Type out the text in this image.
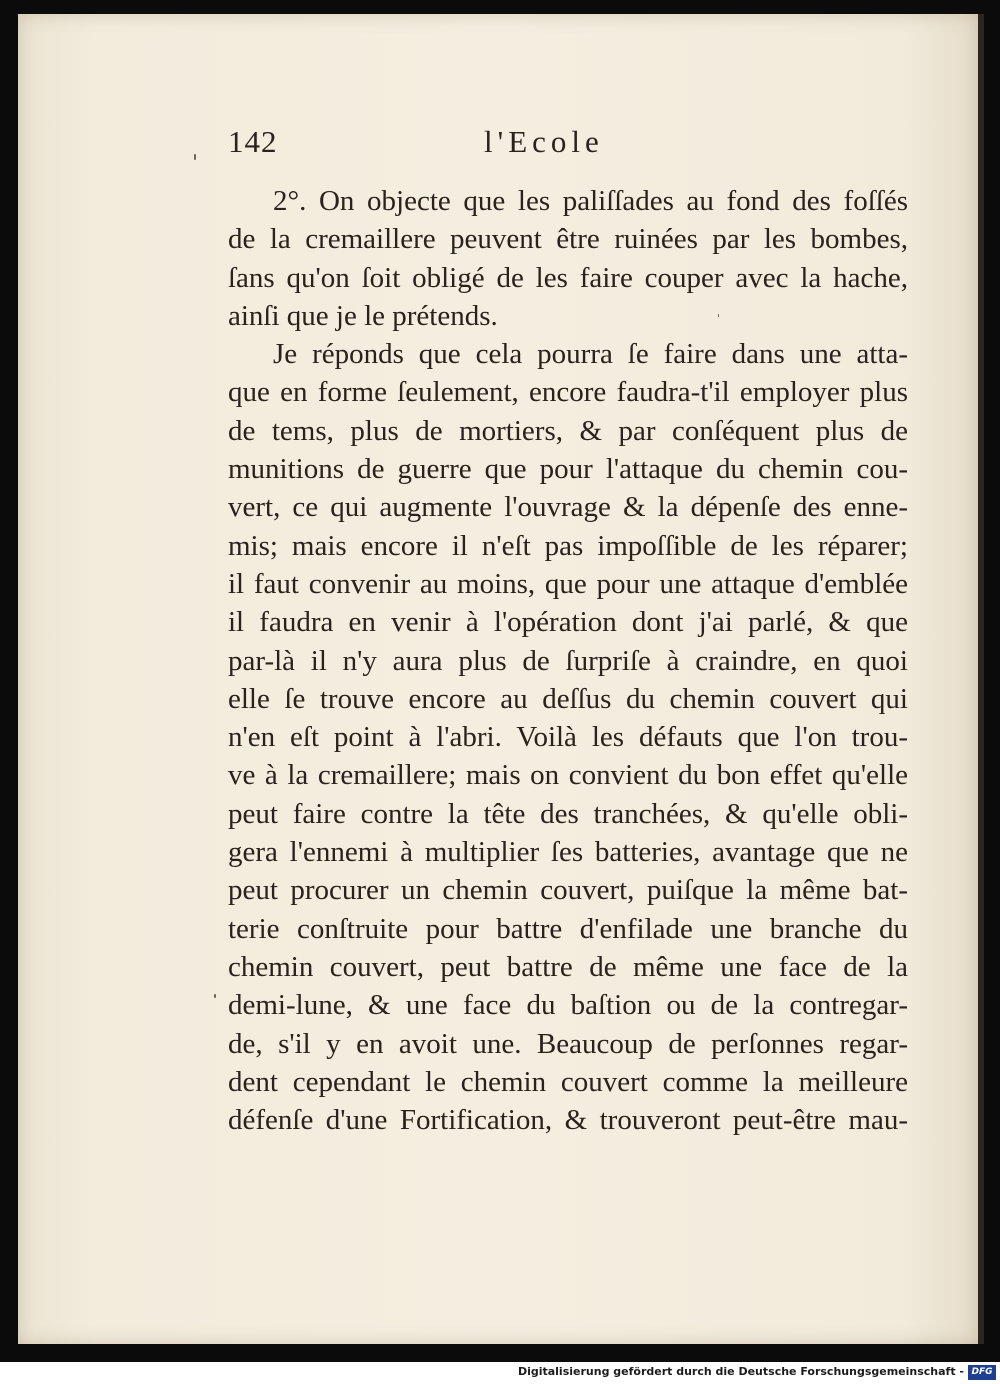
142	l'Ecole
2°. On objecte que les paliſſades au fond des foſſés
de la cremaillere peuvent être ruinées par les bombes,
ſans qu'on ſoit obligé de les faire couper avec la hache,
ainſi que je le prétends.
Je réponds que cela pourra ſe faire dans une atta-
que en forme ſeulement, encore faudra-t'il employer plus
de tems, plus de mortiers, & par conſéquent plus de
munitions de guerre que pour l'attaque du chemin cou-
vert, ce qui augmente l'ouvrage & la dépenſe des enne-
mis; mais encore il n'eſt pas impoſſible de les réparer;
il faut convenir au moins, que pour une attaque d'emblée
il faudra en venir à l'opération dont j'ai parlé, & que
par-là il n'y aura plus de ſurpriſe à craindre, en quoi
elle ſe trouve encore au deſſus du chemin couvert qui
n'en eſt point à l'abri. Voilà les défauts que l'on trou-
ve à la cremaillere; mais on convient du bon effet qu'elle
peut faire contre la tête des tranchées, & qu'elle obli-
gera l'ennemi à multiplier ſes batteries, avantage que ne
peut procurer un chemin couvert, puiſque la même bat-
terie conſtruite pour battre d'enfilade une branche du
chemin couvert, peut battre de même une face de la
demi-lune, & une face du baſtion ou de la contregar-
de, s'il y en avoit une. Beaucoup de perſonnes regar-
dent cependant le chemin couvert comme la meilleure
défenſe d'une Fortification, & trouveront peut-être mau-
Digitalisierung gefördert durch die Deutsche Forschungsgemeinschaft - DFG
